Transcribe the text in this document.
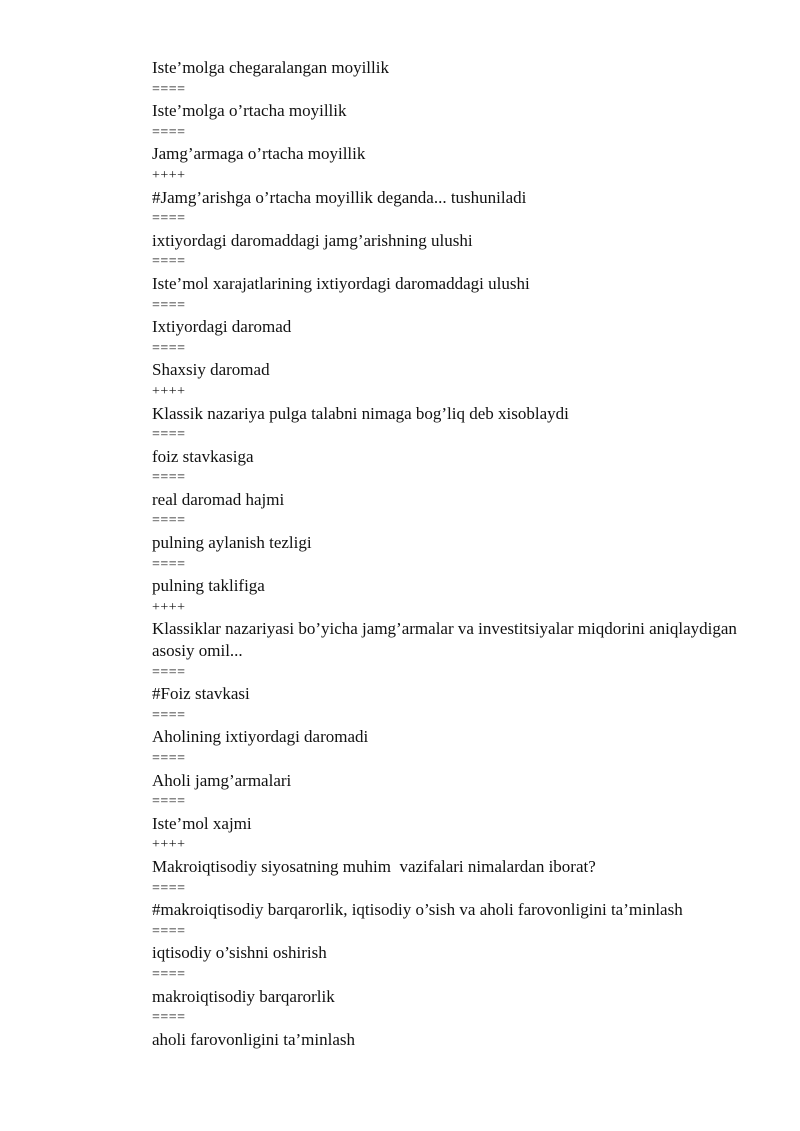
Iste’molga chegaralangan moyillik
====
Iste’molga o’rtacha moyillik
====
Jamg’armaga o’rtacha moyillik
++++
#Jamg’arishga o’rtacha moyillik deganda... tushuniladi
====
ixtiyordagi daromaddagi jamg’arishning ulushi
====
Iste’mol xarajatlarining ixtiyordagi daromaddagi ulushi
====
Ixtiyordagi daromad
====
Shaxsiy daromad
++++
Klassik nazariya pulga talabni nimaga bog’liq deb xisoblaydi
====
foiz stavkasiga
====
real daromad hajmi
====
pulning aylanish tezligi
====
pulning taklifiga
++++
Klassiklar nazariyasi bo’yicha jamg’armalar va investitsiyalar miqdorini aniqlaydigan asosiy omil...
====
#Foiz stavkasi
====
Aholining ixtiyordagi daromadi
====
Aholi jamg’armalari
====
Iste’mol xajmi
++++
Makroiqtisodiy siyosatning muhim  vazifalari nimalardan iborat?
====
#makroiqtisodiy barqarorlik, iqtisodiy o’sish va aholi farovonligini ta’minlash
====
iqtisodiy o’sishni oshirish
====
makroiqtisodiy barqarorlik
====
aholi farovonligini ta’minlash
